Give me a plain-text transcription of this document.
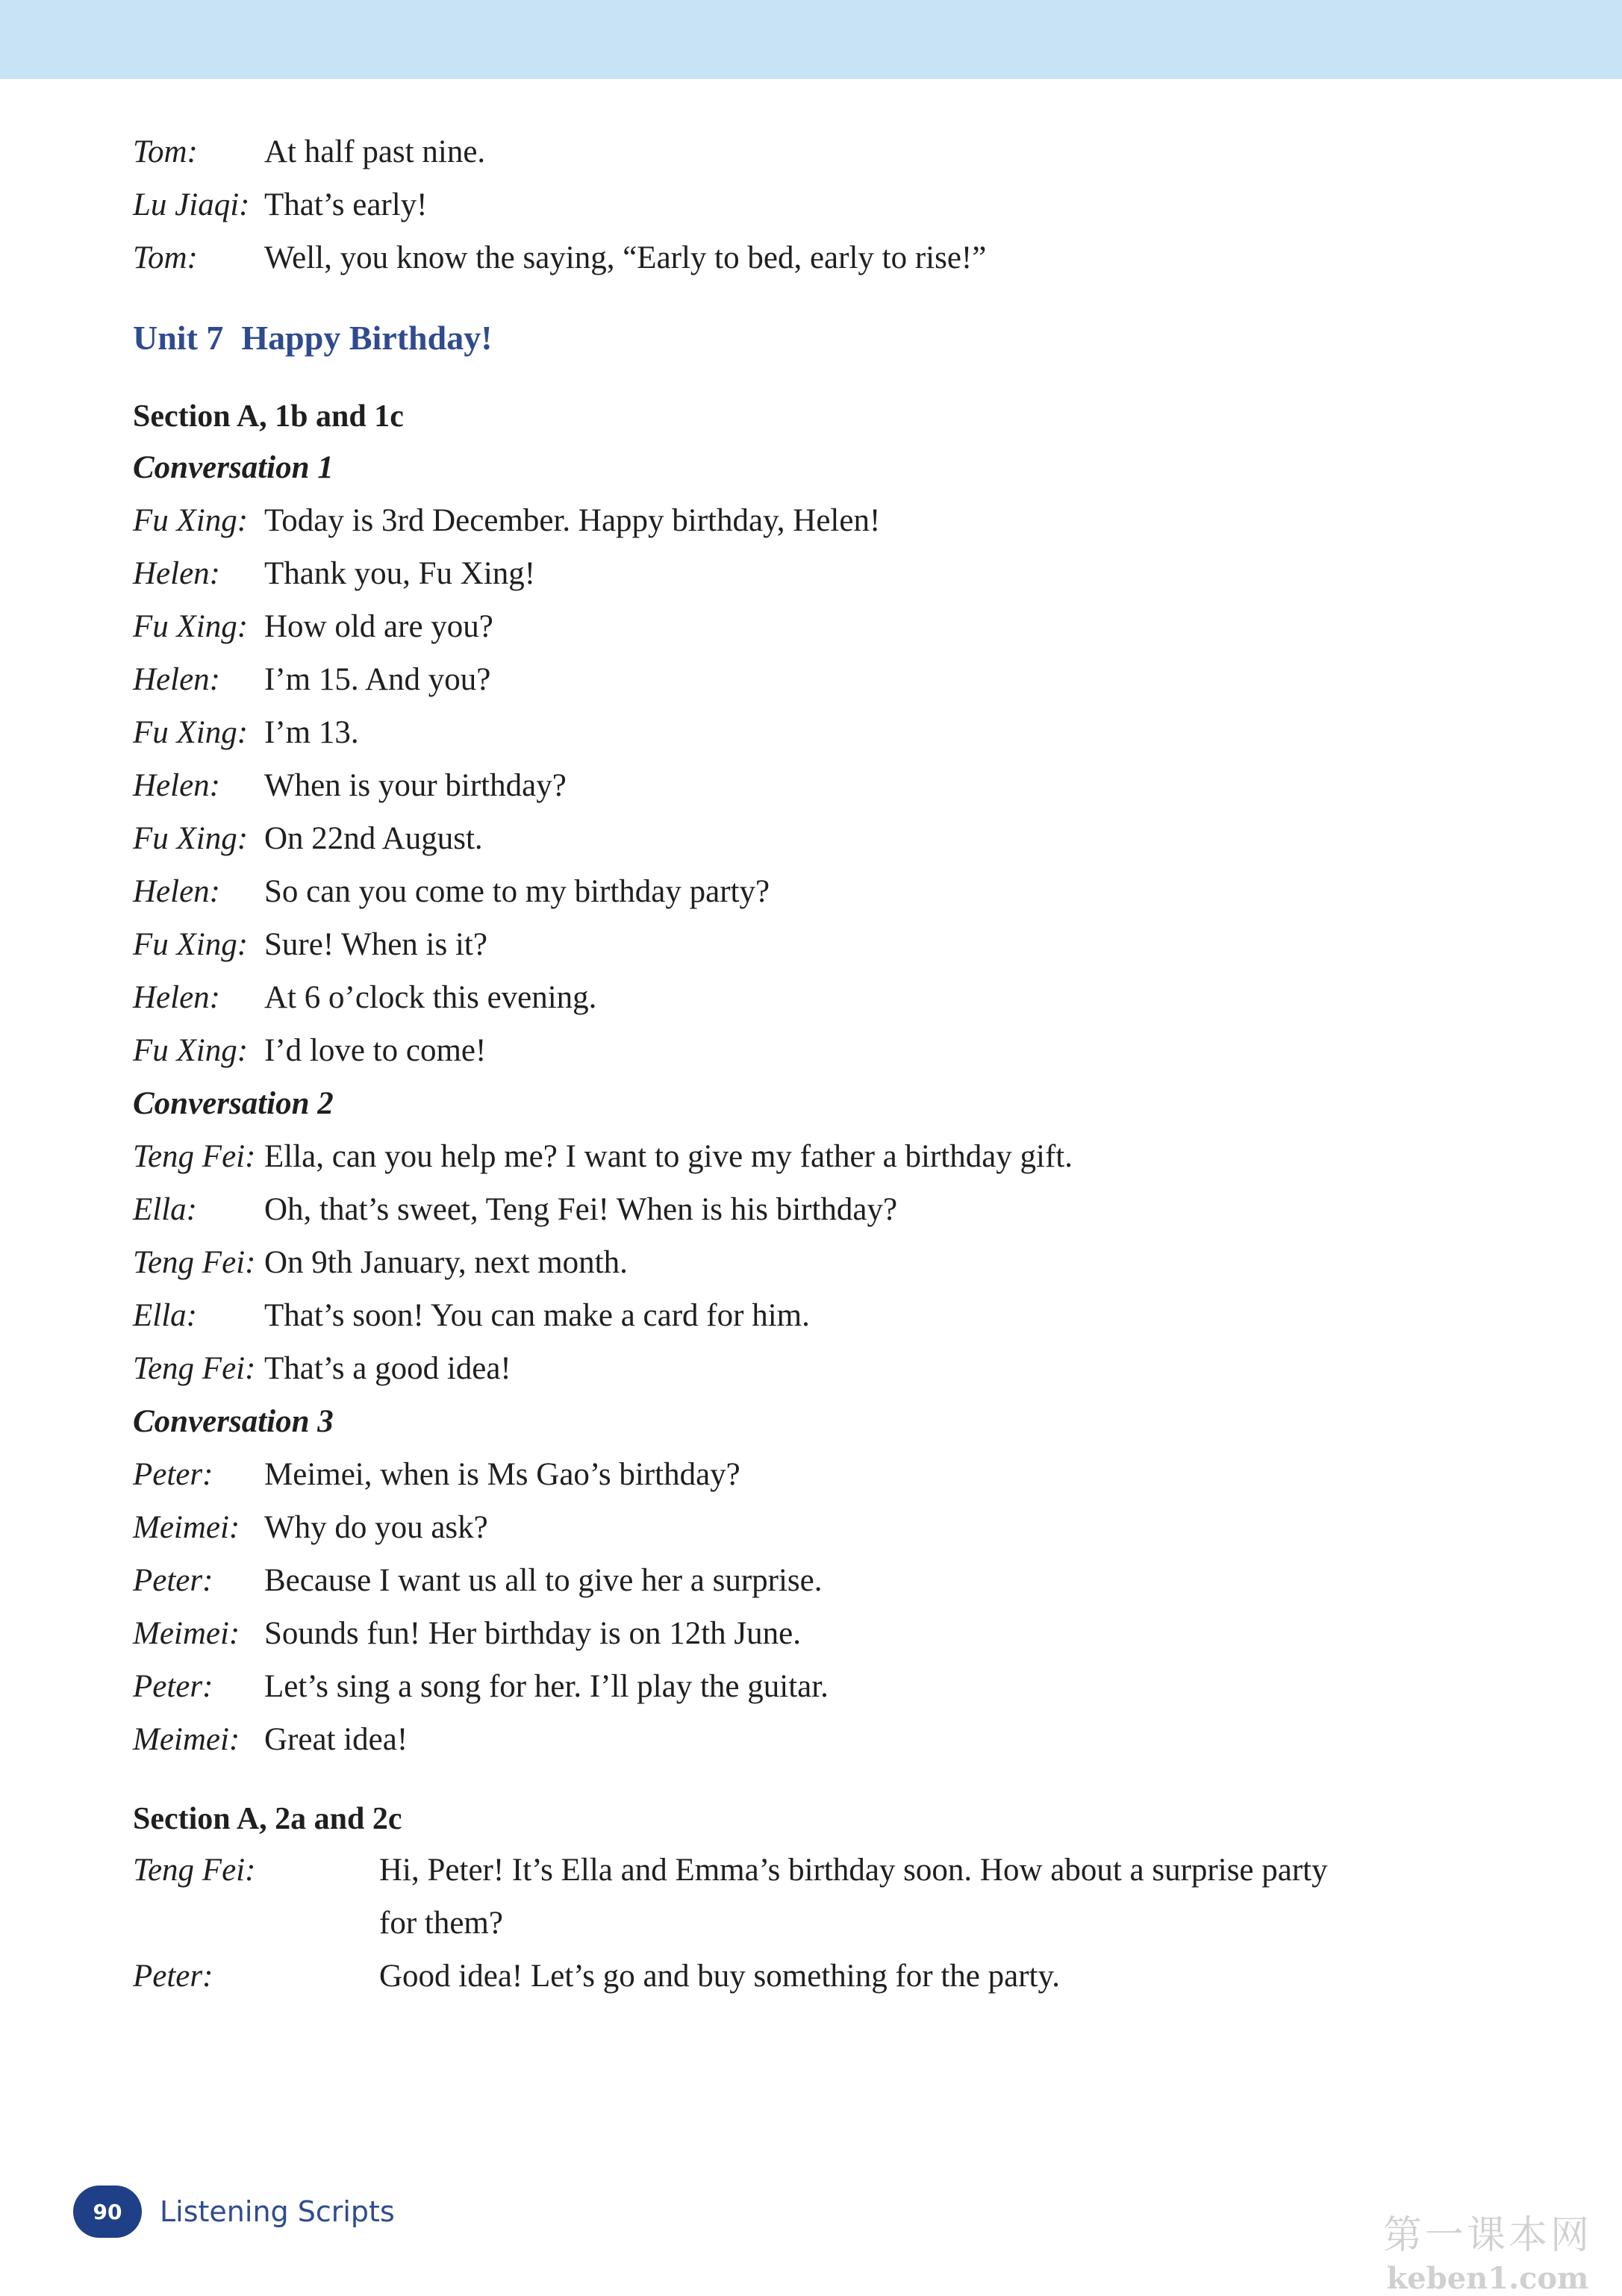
Tom:	At half past nine.
Lu Jiaqi: That’s early!
Tom:	Well, you know the saying, “Early to bed, early to rise!”
Unit 7 Happy Birthday!
Section A, 1b and 1c
Conversation 1
Fu Xing: Today is 3rd December. Happy birthday, Helen!
Helen:	Thank you, Fu Xing!
Fu Xing: How old are you?
Helen:	I’m 15. And you?
Fu Xing: I’m 13.
Helen:	When is your birthday?
Fu Xing: On 22nd August.
Helen:	So can you come to my birthday party?
Fu Xing: Sure! When is it?
Helen:	At 6 o’clock this evening.
Fu Xing: I’d love to come!
Conversation 2
Teng Fei: Ella, can you help me? I want to give my father a birthday gift.
Ella:	Oh, that’s sweet, Teng Fei! When is his birthday?
Teng Fei: On 9th January, next month.
Ella:	That’s soon! You can make a card for him.
Teng Fei: That’s a good idea!
Conversation 3
Peter:	Meimei, when is Ms Gao’s birthday?
Meimei: Why do you ask?
Peter:	Because I want us all to give her a surprise.
Meimei: Sounds fun! Her birthday is on 12th June.
Peter:	Let’s sing a song for her. I’ll play the guitar.
Meimei: Great idea!
Section A, 2a and 2c
Teng Fei:	Hi, Peter! It’s Ella and Emma’s birthday soon. How about a surprise party
for them?
Peter:	Good idea! Let’s go and buy something for the party.
90	Listening Scripts
第一课本网
keben1.com
